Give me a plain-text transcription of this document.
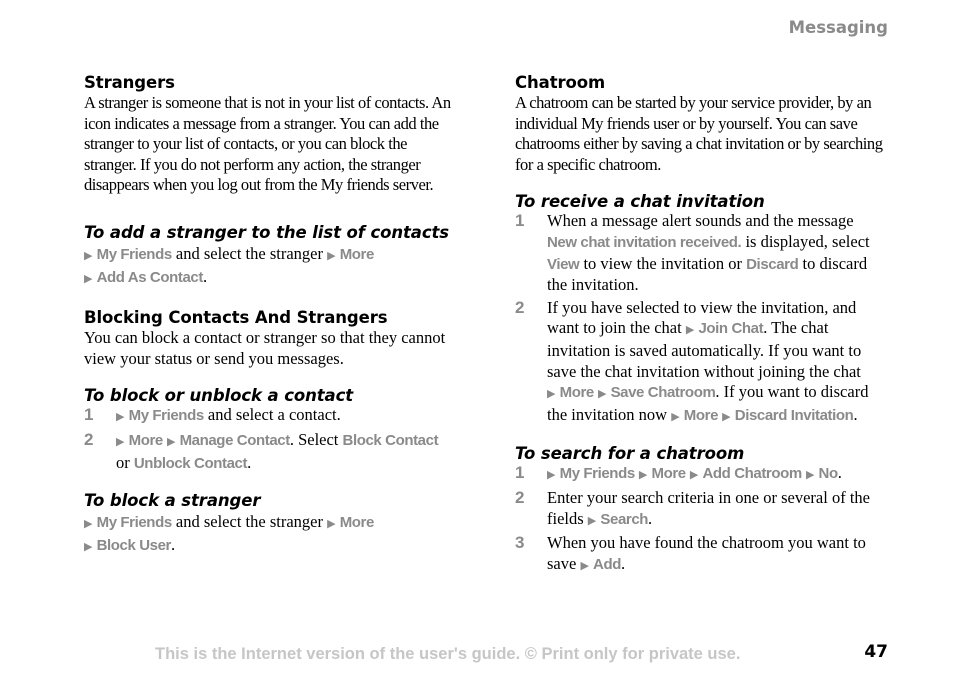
Messaging
Strangers

A stranger is someone that is not in your list of contacts. An icon indicates a message from a stranger. You can add the stranger to your list of contacts, or you can block the stranger. If you do not perform any action, the stranger disappears when you log out from the My friends server.

To add a stranger to the list of contacts

▶ My Friends and select the stranger ▶ More
▶ Add As Contact.

Blocking Contacts And Strangers

You can block a contact or stranger so that they cannot view your status or send you messages.

To block or unblock a contact
1	▶ My Friends and select a contact.

2	▶ More ▶ Manage Contact. Select Block Contact
or Unblock Contact.

To block a stranger

▶ My Friends and select the stranger ▶ More
▶ Block User.

Chatroom

A chatroom can be started by your service provider, by an individual My friends user or by yourself. You can save chatrooms either by saving a chat invitation or by searching for a specific chatroom.

To receive a chat invitation
1	When a message alert sounds and the message New chat invitation received. is displayed, select View to view the invitation or Discard to discard the invitation.

2	If you have selected to view the invitation, and want to join the chat ▶ Join Chat. The chat invitation is saved automatically. If you want to save the chat invitation without joining the chat
▶ More ▶ Save Chatroom. If you want to discard the invitation now ▶ More ▶ Discard Invitation.

To search for a chatroom
1	▶ My Friends ▶ More ▶ Add Chatroom ▶ No.

2	Enter your search criteria in one or several of the fields ▶ Search.

3	When you have found the chatroom you want to save ▶ Add.

This is the Internet version of the user's guide. © Print only for private use.	47
